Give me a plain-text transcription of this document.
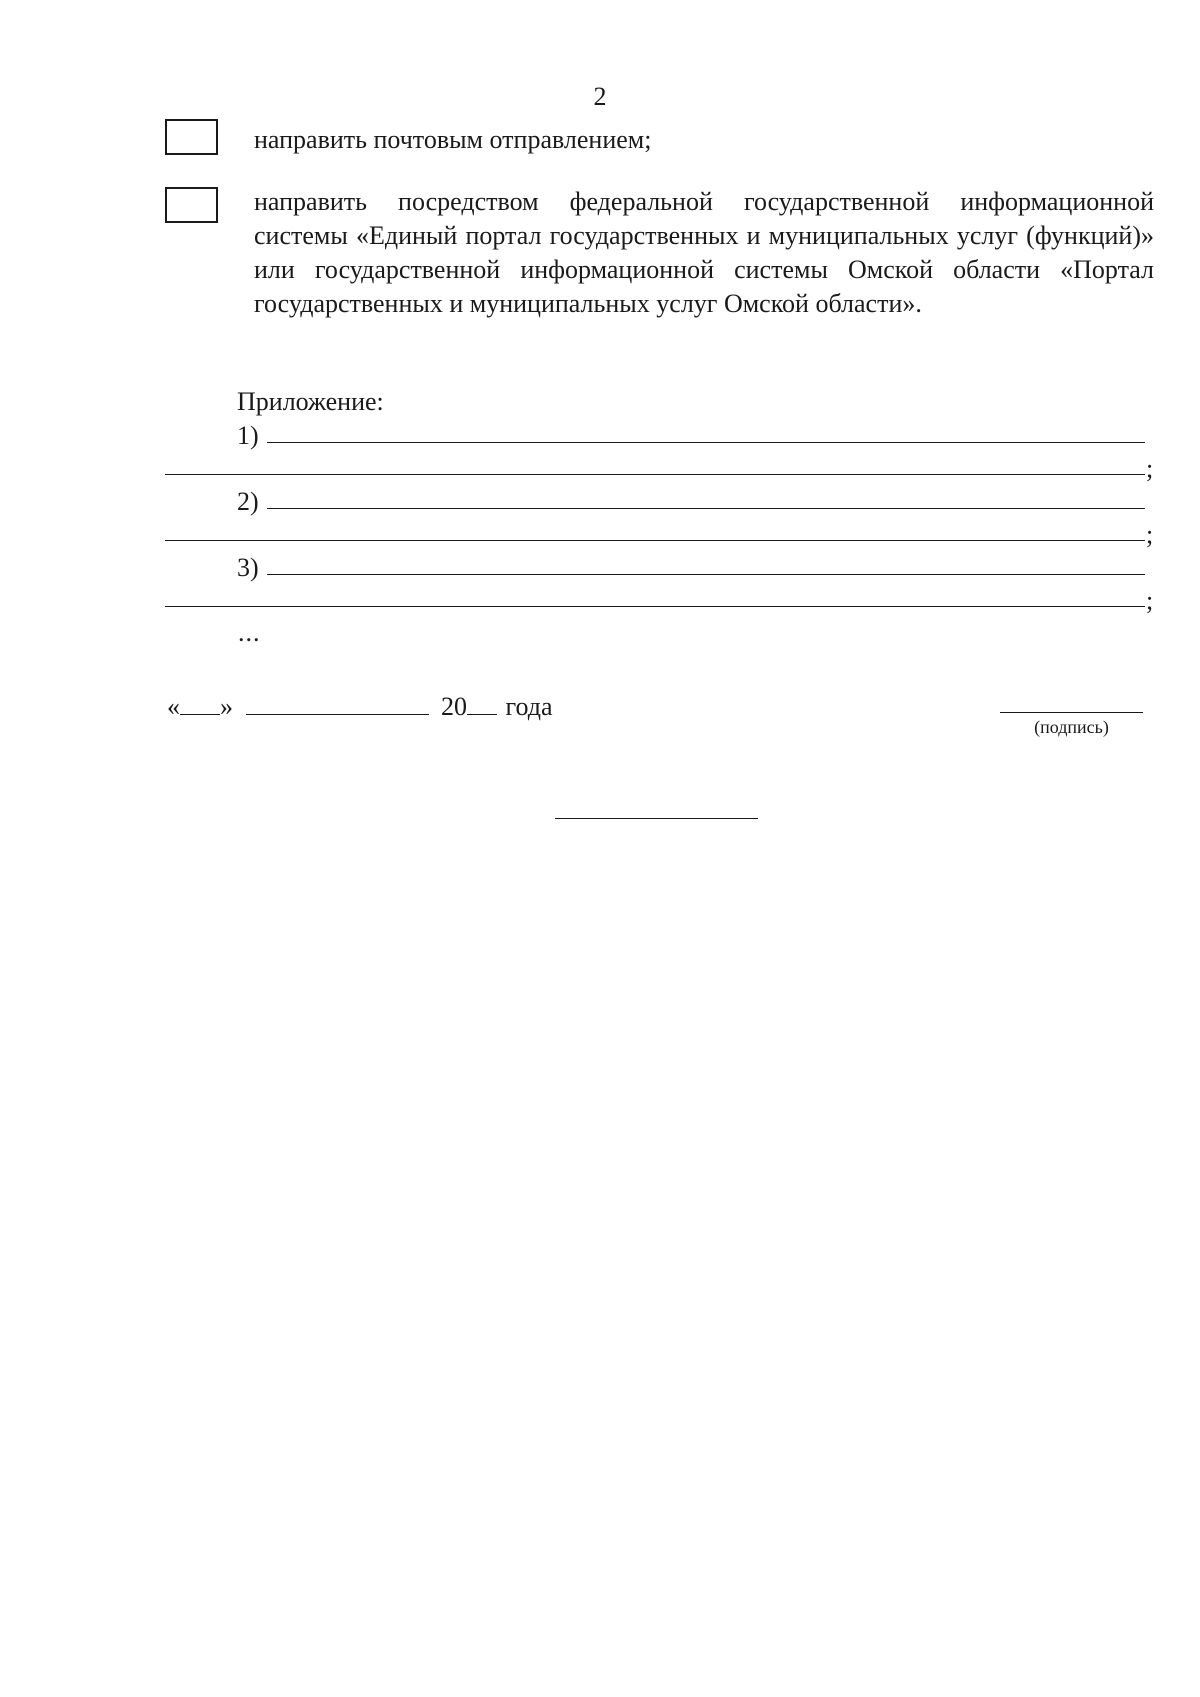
2
направить почтовым отправлением;
направить посредством федеральной государственной информационной системы «Единый портал государственных и муниципальных услуг (функций)» или государственной информационной системы Омской области «Портал государственных и муниципальных услуг Омской области».
Приложение:
1)
;
2)
;
3)
;
...
« »	20 года
(подпись)
